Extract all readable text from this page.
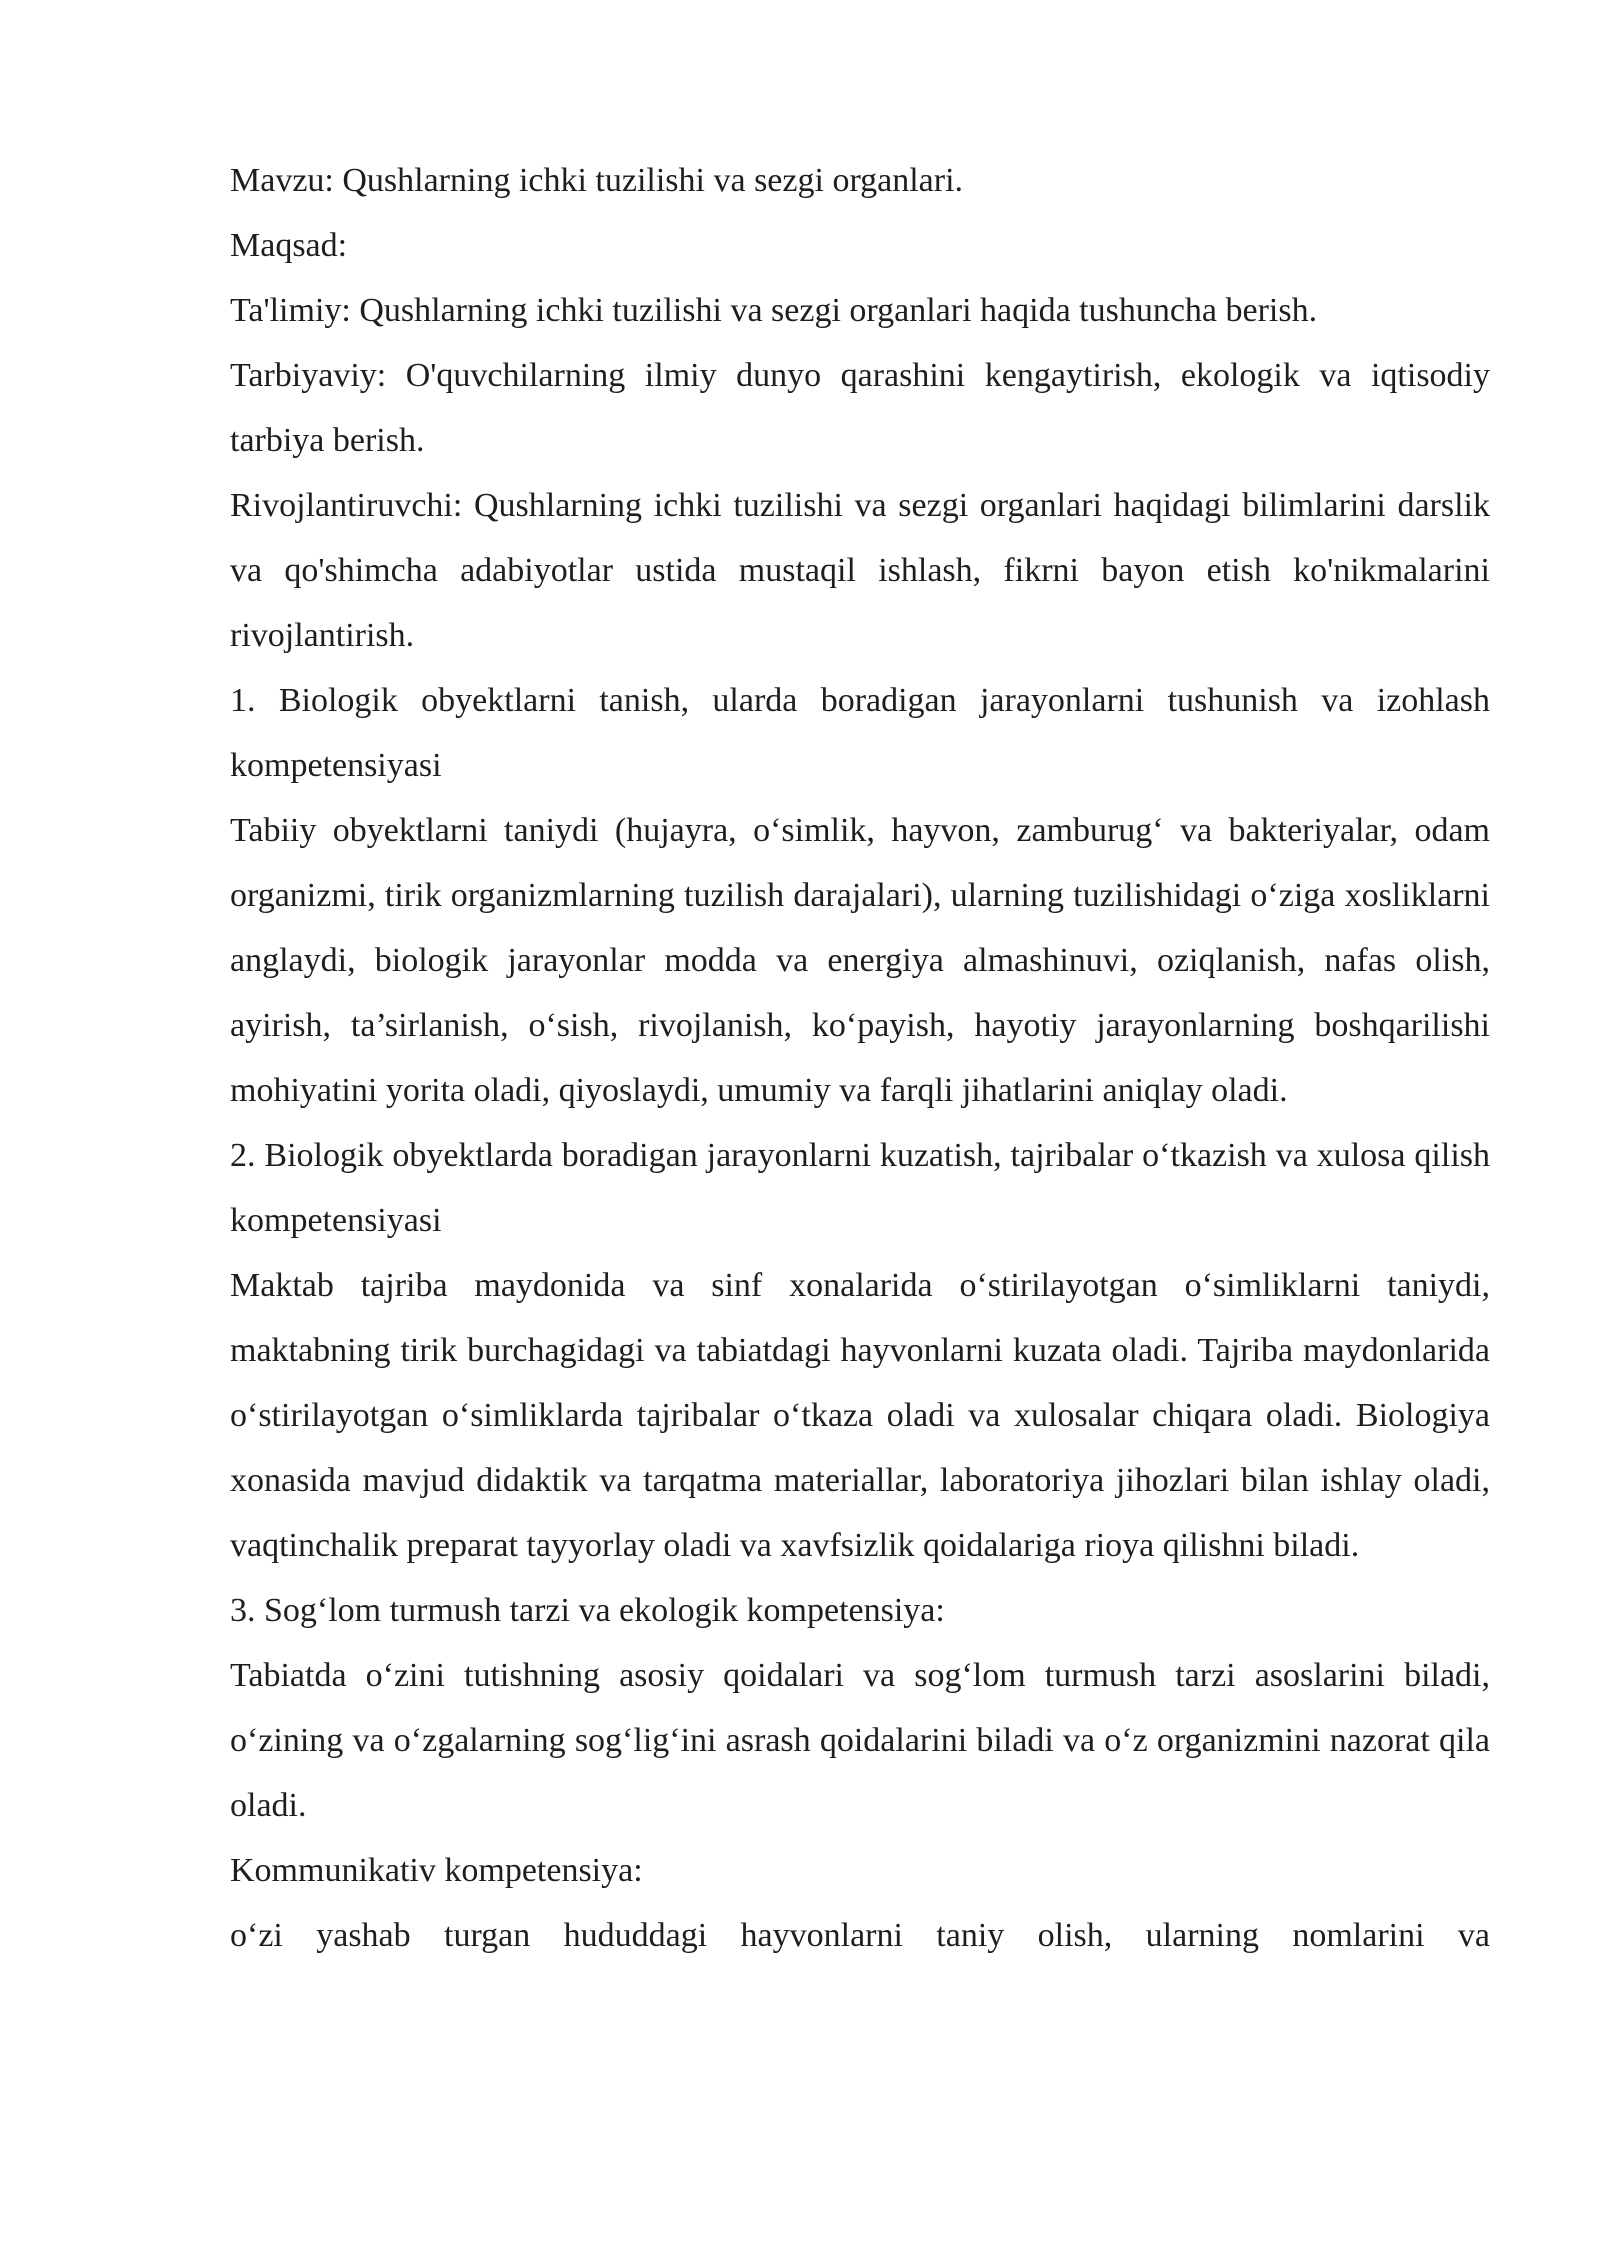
Mavzu: Qushlarning ichki tuzilishi va sezgi organlari.

Maqsad:

Ta'limiy: Qushlarning ichki tuzilishi va sezgi organlari haqida tushuncha berish.

Tarbiyaviy: O'quvchilarning ilmiy dunyo qarashini kengaytirish, ekologik va iqtisodiy tarbiya berish.

Rivojlantiruvchi: Qushlarning ichki tuzilishi va sezgi organlari haqidagi bilimlarini darslik va qo'shimcha adabiyotlar ustida mustaqil ishlash, fikrni bayon etish ko'nikmalarini rivojlantirish.

1. Biologik obyektlarni tanish, ularda boradigan jarayonlarni tushunish va izohlash kompetensiyasi

Tabiiy obyektlarni taniydi (hujayra, o‘simlik, hayvon, zamburug‘ va bakteriyalar, odam organizmi, tirik organizmlarning tuzilish darajalari), ularning tuzilishidagi o‘ziga xosliklarni anglaydi, biologik jarayonlar modda va energiya almashinuvi, oziqlanish, nafas olish, ayirish, ta’sirlanish, o‘sish, rivojlanish, ko‘payish, hayotiy jarayonlarning boshqarilishi mohiyatini yorita oladi, qiyoslaydi, umumiy va farqli jihatlarini aniqlay oladi.

2. Biologik obyektlarda boradigan jarayonlarni kuzatish, tajribalar o‘tkazish va xulosa qilish kompetensiyasi

Maktab tajriba maydonida va sinf xonalarida o‘stirilayotgan o‘simliklarni taniydi, maktabning tirik burchagidagi va tabiatdagi hayvonlarni kuzata oladi. Tajriba maydonlarida o‘stirilayotgan o‘simliklarda tajribalar o‘tkaza oladi va xulosalar chiqara oladi. Biologiya xonasida mavjud didaktik va tarqatma materiallar, laboratoriya jihozlari bilan ishlay oladi, vaqtinchalik preparat tayyorlay oladi va xavfsizlik qoidalariga rioya qilishni biladi.

3. Sog‘lom turmush tarzi va ekologik kompetensiya:

Tabiatda o‘zini tutishning asosiy qoidalari va sog‘lom turmush tarzi asoslarini biladi, o‘zining va o‘zgalarning sog‘lig‘ini asrash qoidalarini biladi va o‘z organizmini nazorat qila oladi.

Kommunikativ kompetensiya:

o‘zi yashab turgan hududdagi hayvonlarni taniy olish, ularning nomlarini va
